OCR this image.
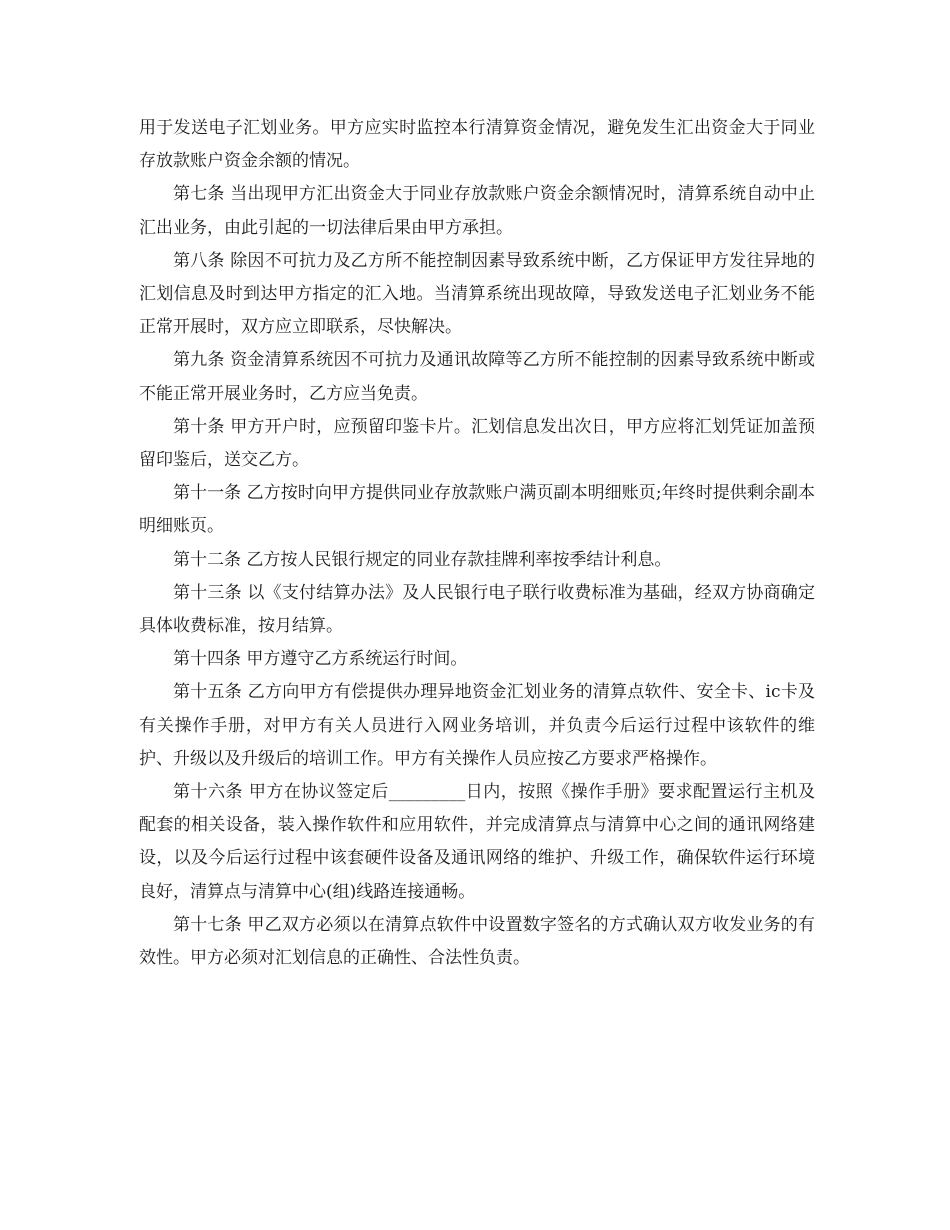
用于发送电子汇划业务。甲方应实时监控本行清算资金情况，避免发生汇出资金大于同业存放款账户资金余额的情况。

第七条 当出现甲方汇出资金大于同业存放款账户资金余额情况时，清算系统自动中止汇出业务，由此引起的一切法律后果由甲方承担。

第八条 除因不可抗力及乙方所不能控制因素导致系统中断，乙方保证甲方发往异地的汇划信息及时到达甲方指定的汇入地。当清算系统出现故障，导致发送电子汇划业务不能正常开展时，双方应立即联系，尽快解决。

第九条 资金清算系统因不可抗力及通讯故障等乙方所不能控制的因素导致系统中断或不能正常开展业务时，乙方应当免责。

第十条 甲方开户时，应预留印鉴卡片。汇划信息发出次日，甲方应将汇划凭证加盖预留印鉴后，送交乙方。

第十一条 乙方按时向甲方提供同业存放款账户满页副本明细账页;年终时提供剩余副本明细账页。

第十二条 乙方按人民银行规定的同业存款挂牌利率按季结计利息。

第十三条 以《支付结算办法》及人民银行电子联行收费标准为基础，经双方协商确定具体收费标准，按月结算。

第十四条 甲方遵守乙方系统运行时间。

第十五条 乙方向甲方有偿提供办理异地资金汇划业务的清算点软件、安全卡、ic卡及有关操作手册，对甲方有关人员进行入网业务培训，并负责今后运行过程中该软件的维护、升级以及升级后的培训工作。甲方有关操作人员应按乙方要求严格操作。

第十六条 甲方在协议签定后_________日内，按照《操作手册》要求配置运行主机及配套的相关设备，装入操作软件和应用软件，并完成清算点与清算中心之间的通讯网络建设，以及今后运行过程中该套硬件设备及通讯网络的维护、升级工作，确保软件运行环境良好，清算点与清算中心(组)线路连接通畅。

第十七条 甲乙双方必须以在清算点软件中设置数字签名的方式确认双方收发业务的有效性。甲方必须对汇划信息的正确性、合法性负责。
